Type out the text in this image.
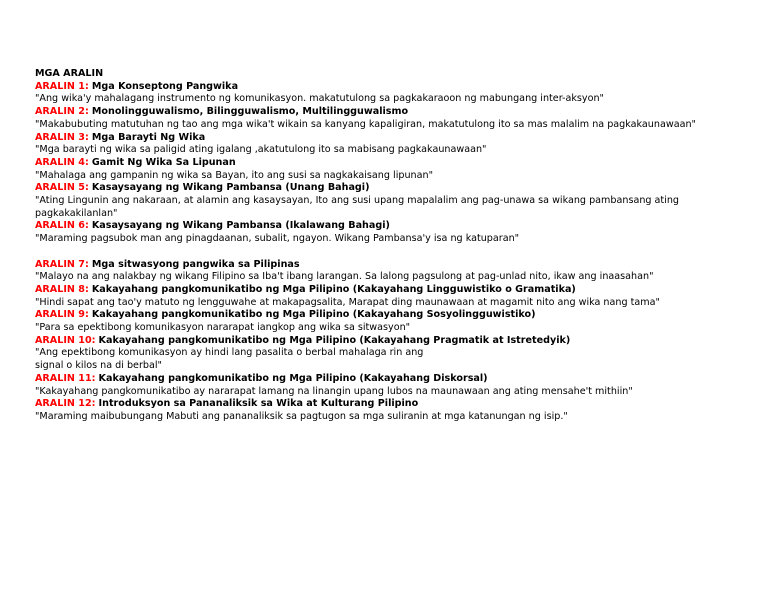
MGA ARALIN
ARALIN 1: Mga Konseptong Pangwika
"Ang wika'y mahalagang instrumento ng komunikasyon. makatutulong sa pagkakaraoon ng mabungang inter-aksyon"
ARALIN 2: Monolingguwalismo, Bilingguwalismo, Multilingguwalismo
"Makabubuting matutuhan ng tao ang mga wika't wikain sa kanyang kapaligiran, makatutulong ito sa mas malalim na pagkakaunawaan"
ARALIN 3: Mga Barayti Ng Wika
"Mga barayti ng wika sa paligid ating igalang ,akatutulong ito sa mabisang pagkakaunawaan"
ARALIN 4: Gamit Ng Wika Sa Lipunan
"Mahalaga ang gampanin ng wika sa Bayan, ito ang susi sa nagkakaisang lipunan"
ARALIN 5: Kasaysayang ng Wikang Pambansa (Unang Bahagi)
"Ating Lingunin ang nakaraan, at alamin ang kasaysayan, Ito ang susi upang mapalalim ang pag-unawa sa wikang pambansang ating pagkakakilanlan"
ARALIN 6: Kasaysayang ng Wikang Pambansa (Ikalawang Bahagi)
"Maraming pagsubok man ang pinagdaanan, subalit, ngayon. Wikang Pambansa'y isa ng katuparan"
ARALIN 7: Mga sitwasyong pangwika sa Pilipinas
"Malayo na ang nalakbay ng wikang Filipino sa Iba't ibang larangan. Sa lalong pagsulong at pag-unlad nito, ikaw ang inaasahan"
ARALIN 8: Kakayahang pangkomunikatibo ng Mga Pilipino (Kakayahang Lingguwistiko o Gramatika)
"Hindi sapat ang tao'y matuto ng lengguwahe at makapagsalita, Marapat ding maunawaan at magamit nito ang wika nang tama"
ARALIN 9: Kakayahang pangkomunikatibo ng Mga Pilipino (Kakayahang Sosyolingguwistiko)
"Para sa epektibong komunikasyon nararapat iangkop ang wika sa sitwasyon"
ARALIN 10: Kakayahang pangkomunikatibo ng Mga Pilipino (Kakayahang Pragmatik at Istretedyik)
"Ang epektibong komunikasyon ay hindi lang pasalita o berbal mahalaga rin ang
signal o kilos na di berbal"
ARALIN 11: Kakayahang pangkomunikatibo ng Mga Pilipino (Kakayahang Diskorsal)
"Kakayahang pangkomunikatibo ay nararapat lamang na linangin upang lubos na maunawaan ang ating mensahe't mithiin"
ARALIN 12: Introduksyon sa Pananaliksik sa Wika at Kulturang Pilipino
"Maraming maibubungang Mabuti ang pananaliksik sa pagtugon sa mga suliranin at mga katanungan ng isip."
